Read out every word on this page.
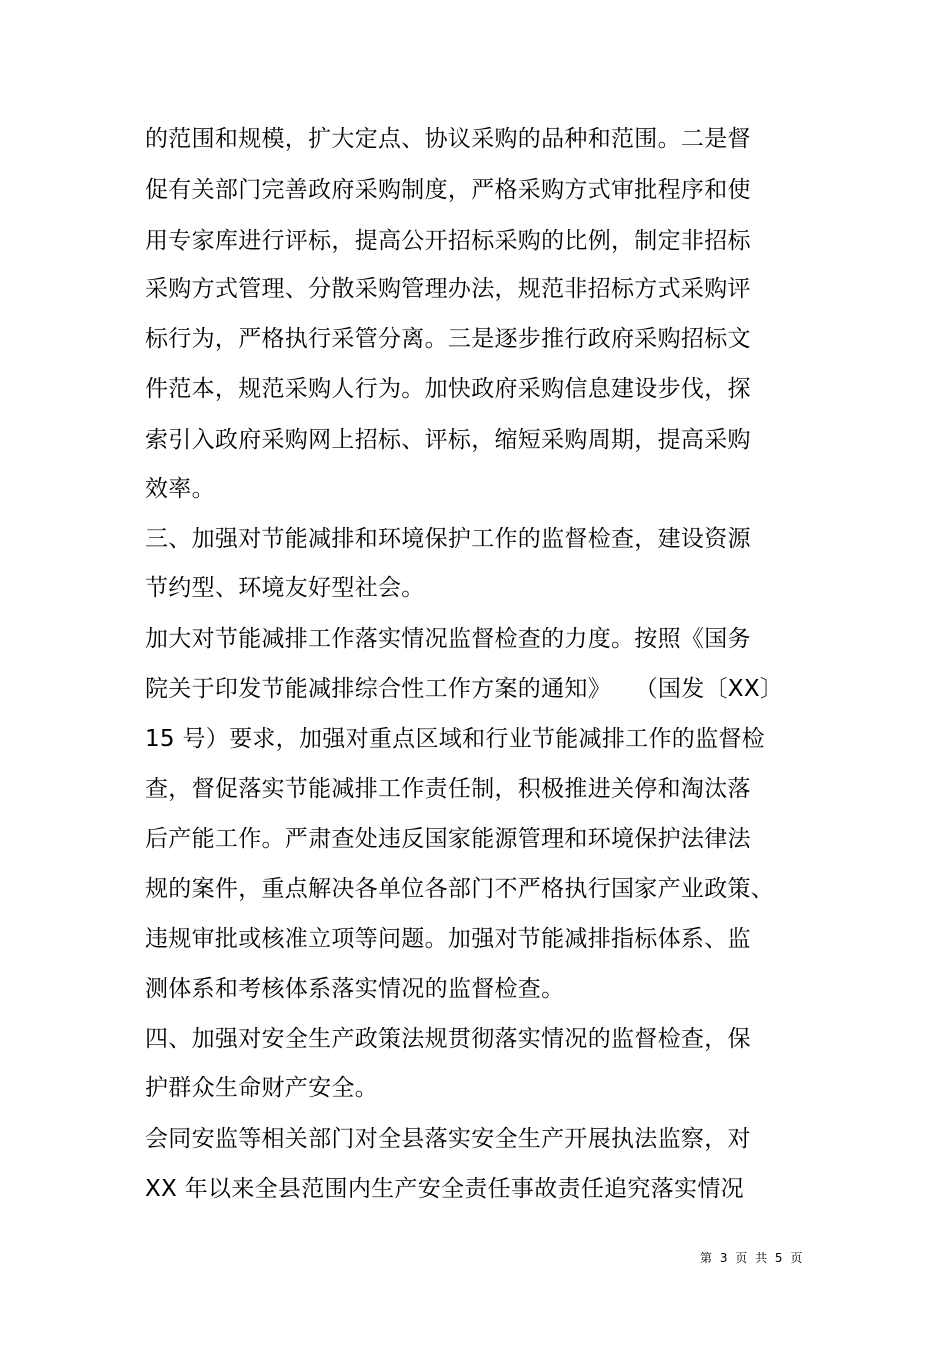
的范围和规模，扩大定点、协议采购的品种和范围。二是督
促有关部门完善政府采购制度，严格采购方式审批程序和使
用专家库进行评标，提高公开招标采购的比例，制定非招标
采购方式管理、分散采购管理办法，规范非招标方式采购评
标行为，严格执行采管分离。三是逐步推行政府采购招标文
件范本，规范采购人行为。加快政府采购信息建设步伐，探
索引入政府采购网上招标、评标，缩短采购周期，提高采购
效率。
三、加强对节能减排和环境保护工作的监督检查，建设资源
节约型、环境友好型社会。
加大对节能减排工作落实情况监督检查的力度。按照《国务
院关于印发节能减排综合性工作方案的通知》　　（国发〔XX〕
15 号）要求，加强对重点区域和行业节能减排工作的监督检
查，督促落实节能减排工作责任制，积极推进关停和淘汰落
后产能工作。严肃查处违反国家能源管理和环境保护法律法
规的案件，重点解决各单位各部门不严格执行国家产业政策、
违规审批或核准立项等问题。加强对节能减排指标体系、监
测体系和考核体系落实情况的监督检查。
四、加强对安全生产政策法规贯彻落实情况的监督检查，保
护群众生命财产安全。
会同安监等相关部门对全县落实安全生产开展执法监察，对
XX 年以来全县范围内生产安全责任事故责任追究落实情况
第 3 页 共 5 页
